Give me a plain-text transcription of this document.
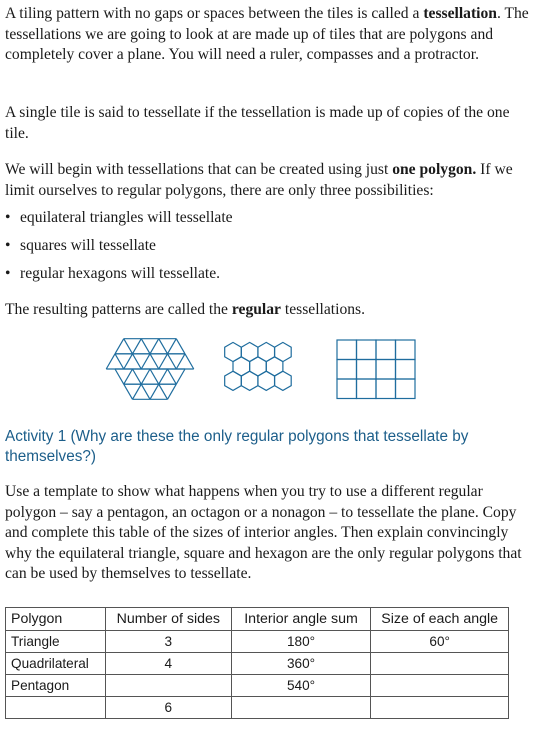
A tiling pattern with no gaps or spaces between the tiles is called a tessellation. The tessellations we are going to look at are made up of tiles that are polygons and completely cover a plane. You will need a ruler, compasses and a protractor.

A single tile is said to tessellate if the tessellation is made up of copies of the one tile.

We will begin with tessellations that can be created using just one polygon. If we limit ourselves to regular polygons, there are only three possibilities:

• equilateral triangles will tessellate
• squares will tessellate
• regular hexagons will tessellate.

The resulting patterns are called the regular tessellations.

Activity 1 (Why are these the only regular polygons that tessellate by themselves?)

Use a template to show what happens when you try to use a different regular polygon – say a pentagon, an octagon or a nonagon – to tessellate the plane. Copy and complete this table of the sizes of interior angles. Then explain convincingly why the equilateral triangle, square and hexagon are the only regular polygons that can be used by themselves to tessellate.

Polygon	Number of sides	Interior angle sum	Size of each angle
Triangle	3	180°	60°
Quadrilateral	4	360°	
Pentagon		540°	
	6		
